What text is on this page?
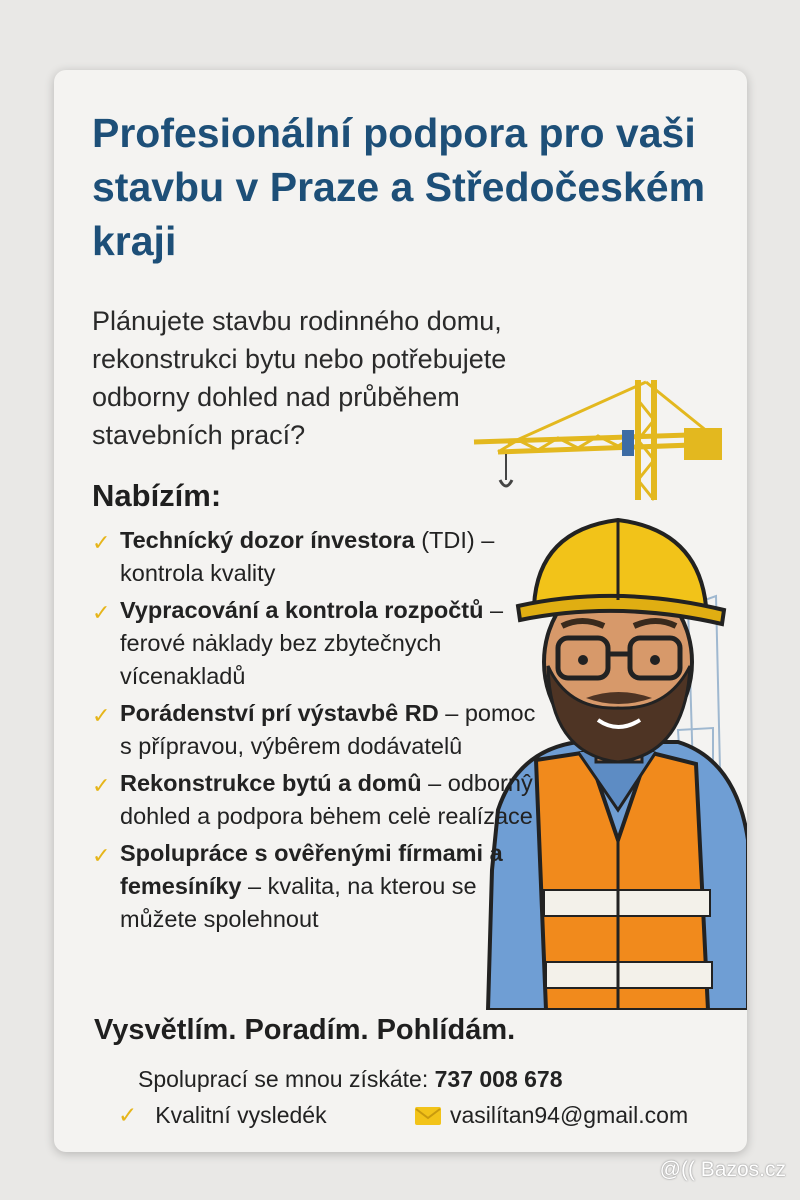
Profesionální podpora pro vaši stavbu v Praze a Středočeském kraji

Plánujete stavbu rodinného domu, rekonstrukci bytu nebo potřebujete odborny dohled nad průběhem stavebních prací?

Nabízím:
✓ Technícký dozor ínvestora (TDI) – kontrola kvality
✓ Vypracování a kontrola rozpočtů – ferové nȧklady bez zbytečnych vícenakladů
✓ Porádenství prí výstavbê RD – pomoc s přípravou, výbêrem dodávatelû
✓ Rekonstrukce bytú a domû – odbornŷ dohled a podpora bėhem celė realízace
✓ Spolupráce s ovêřenými fírmami a femesíníky – kvalita, na kterou se můžete spolehnout

Vysvětlím. Poradím. Pohlídám.

Spoluprací se mnou získáte: 737 008 678

✓ Kvalitní vysledék	vasilítan94@gmail.com
@(( Bazos.cz
